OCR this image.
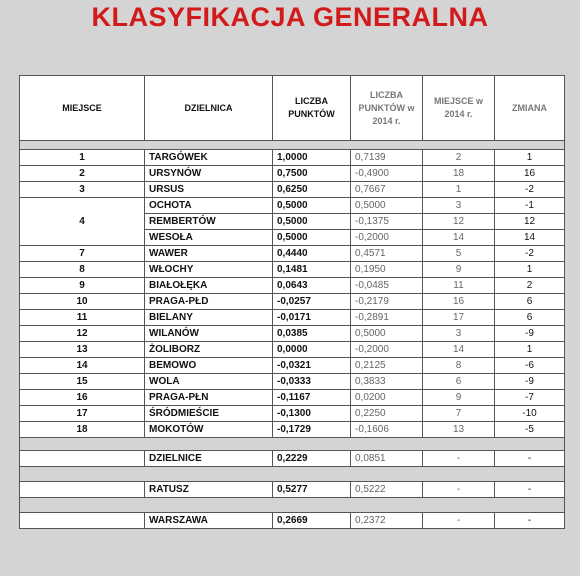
KLASYFIKACJA GENERALNA
MIEJSCE	DZIELNICA	LICZBA PUNKTÓW	LICZBA PUNKTÓW w 2014 r.	MIEJSCE w 2014 r.	ZMIANA

1	TARGÓWEK	1,0000	0,7139	2	1
2	URSYNÓW	0,7500	-0,4900	18	16
3	URSUS	0,6250	0,7667	1	-2
4	OCHOTA	0,5000	0,5000	3	-1
	REMBERTÓW	0,5000	-0,1375	12	12
	WESOŁA	0,5000	-0,2000	14	14
7	WAWER	0,4440	0,4571	5	-2
8	WŁOCHY	0,1481	0,1950	9	1
9	BIAŁOŁĘKA	0,0643	-0,0485	11	2
10	PRAGA-PŁD	-0,0257	-0,2179	16	6
11	BIELANY	-0,0171	-0,2891	17	6
12	WILANÓW	0,0385	0,5000	3	-9
13	ŻOLIBORZ	0,0000	-0,2000	14	1
14	BEMOWO	-0,0321	0,2125	8	-6
15	WOLA	-0,0333	0,3833	6	-9
16	PRAGA-PŁN	-0,1167	0,0200	9	-7
17	ŚRÓDMIEŚCIE	-0,1300	0,2250	7	-10
18	MOKOTÓW	-0,1729	-0,1606	13	-5

	DZIELNICE	0,2229	0,0851	-	-

	RATUSZ	0,5277	0,5222	-	-

	WARSZAWA	0,2669	0,2372	-	-
